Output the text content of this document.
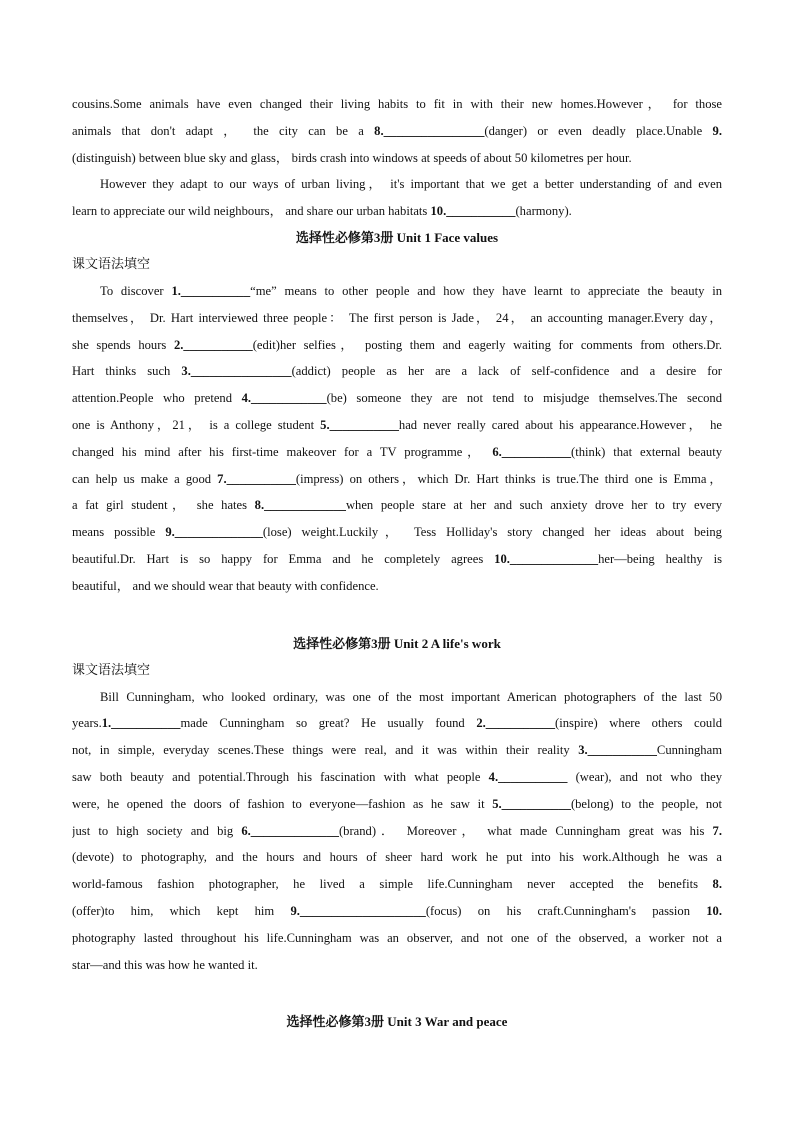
cousins.Some animals have even changed their living habits to fit in with their new homes.However， for those
animals that don't adapt ， the city can be a 8.________________(danger) or even deadly place.Unable 9.
(distinguish) between blue sky and glass， birds crash into windows at speeds of about 50 kilometres per hour.
However they adapt to our ways of urban living， it's important that we get a better understanding of and even
learn to appreciate our wild neighbours， and share our urban habitats 10.___________(harmony).
选择性必修第3册 Unit 1 Face values
课文语法填空
To discover 1.___________“me” means to other people and how they have learnt to appreciate the beauty in
themselves， Dr. Hart interviewed three people： The first person is Jade， 24， an accounting manager.Every day，
she spends hours 2.___________(edit)her selfies， posting them and eagerly waiting for comments from others.Dr.
Hart thinks such 3.________________(addict) people as her are a lack of self-confidence and a desire for
attention.People who pretend 4.____________(be) someone they are not tend to misjudge themselves.The second
one is Anthony，21， is a college student 5.___________had never really cared about his appearance.However， he
changed his mind after his first-time makeover for a TV programme， 6.___________(think) that external beauty
can help us make a good 7.___________(impress) on others，which Dr. Hart thinks is true.The third one is Emma，
a fat girl student， she hates 8._____________when people stare at her and such anxiety drove her to try every
means possible 9.______________(lose) weight.Luckily， Tess Holliday's story changed her ideas about being
beautiful.Dr. Hart is so happy for Emma and he completely agrees 10.______________her—being healthy is
beautiful， and we should wear that beauty with confidence.
选择性必修第3册 Unit 2 A life's work
课文语法填空
Bill Cunningham, who looked ordinary, was one of the most important American photographers of the last 50
years.1.___________made Cunningham so great? He usually found 2.___________(inspire) where others could
not, in simple, everyday scenes.These things were real, and it was within their reality 3.___________Cunningham
saw both beauty and potential.Through his fascination with what people 4.___________ (wear), and not who they
were, he opened the doors of fashion to everyone—fashion as he saw it 5.___________(belong) to the people, not
just to high society and big 6.______________(brand)． Moreover， what made Cunningham great was his 7.
(devote) to photography, and the hours and hours of sheer hard work he put into his work.Although he was a
world-famous fashion photographer, he lived a simple life.Cunningham never accepted the benefits 8.
(offer)to him, which kept him 9.____________________(focus) on his craft.Cunningham's passion 10.
photography lasted throughout his life.Cunningham was an observer, and not one of the observed, a worker not a
star—and this was how he wanted it.
选择性必修第3册 Unit 3 War and peace
